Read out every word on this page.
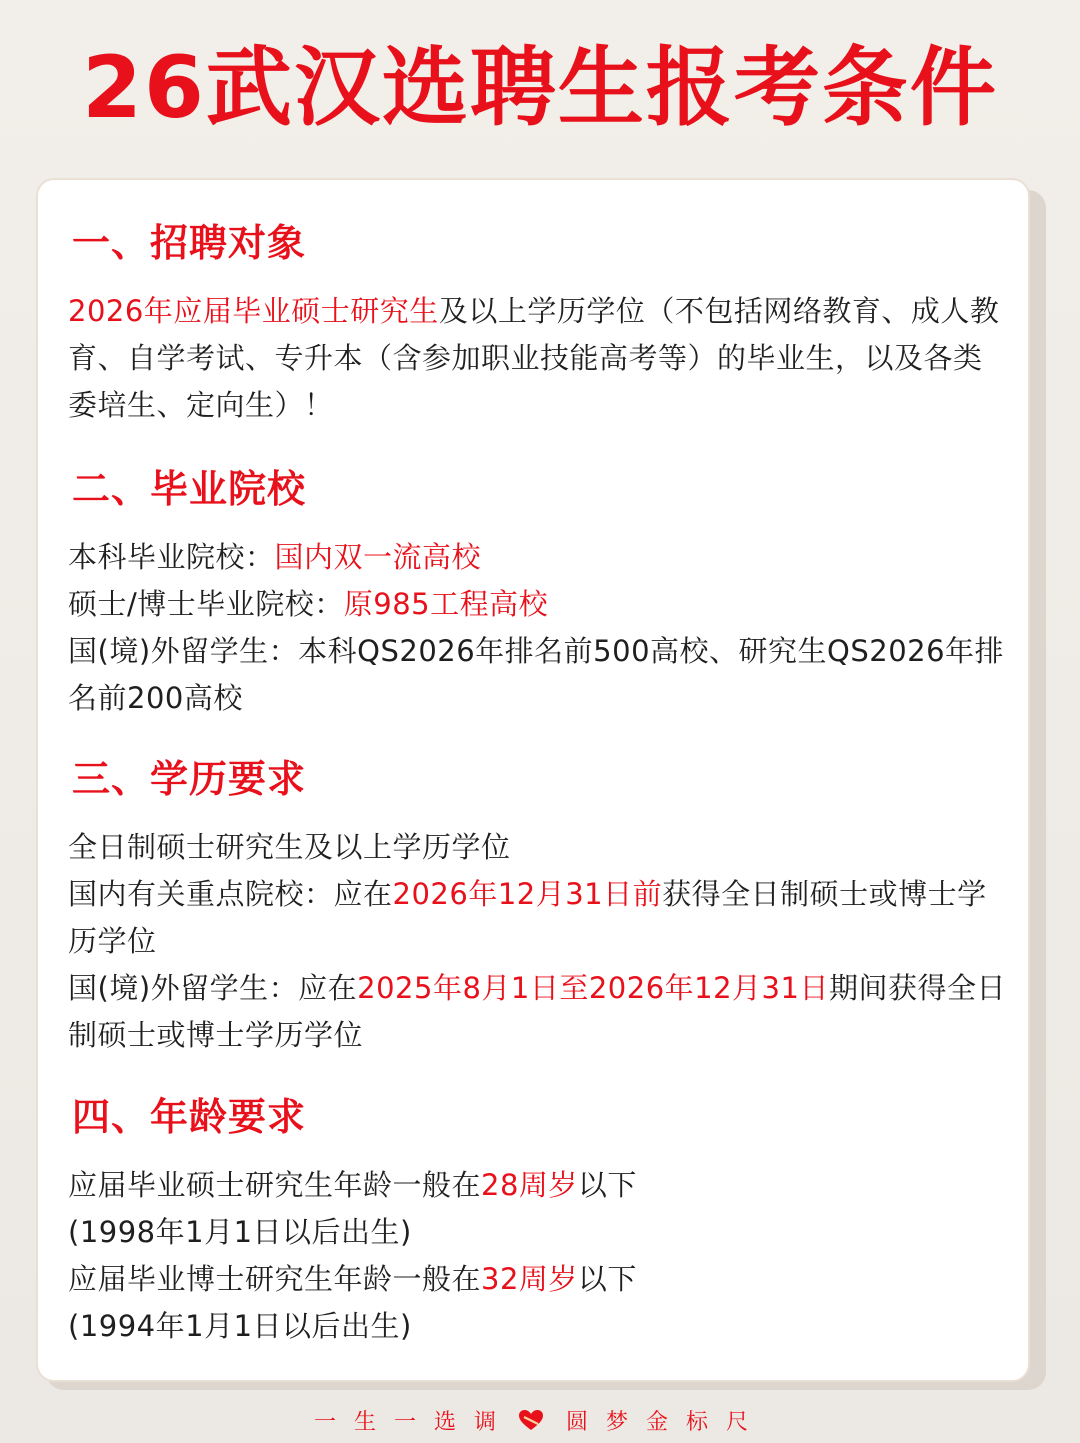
26武汉选聘生报考条件
一、招聘对象
2026年应届毕业硕士研究生及以上学历学位（不包括网络教育、成人教育、自学考试、专升本（含参加职业技能高考等）的毕业生，以及各类委培生、定向生）！
二、毕业院校
本科毕业院校：国内双一流高校
硕士/博士毕业院校：原985工程高校
国(境)外留学生：本科QS2026年排名前500高校、研究生QS2026年排名前200高校
三、学历要求
全日制硕士研究生及以上学历学位
国内有关重点院校：应在2026年12月31日前获得全日制硕士或博士学历学位
国(境)外留学生：应在2025年8月1日至2026年12月31日期间获得全日制硕士或博士学历学位
四、年龄要求
应届毕业硕士研究生年龄一般在28周岁以下
(1998年1月1日以后出生)
应届毕业博士研究生年龄一般在32周岁以下
(1994年1月1日以后出生)
一生一选调 圆梦金标尺
